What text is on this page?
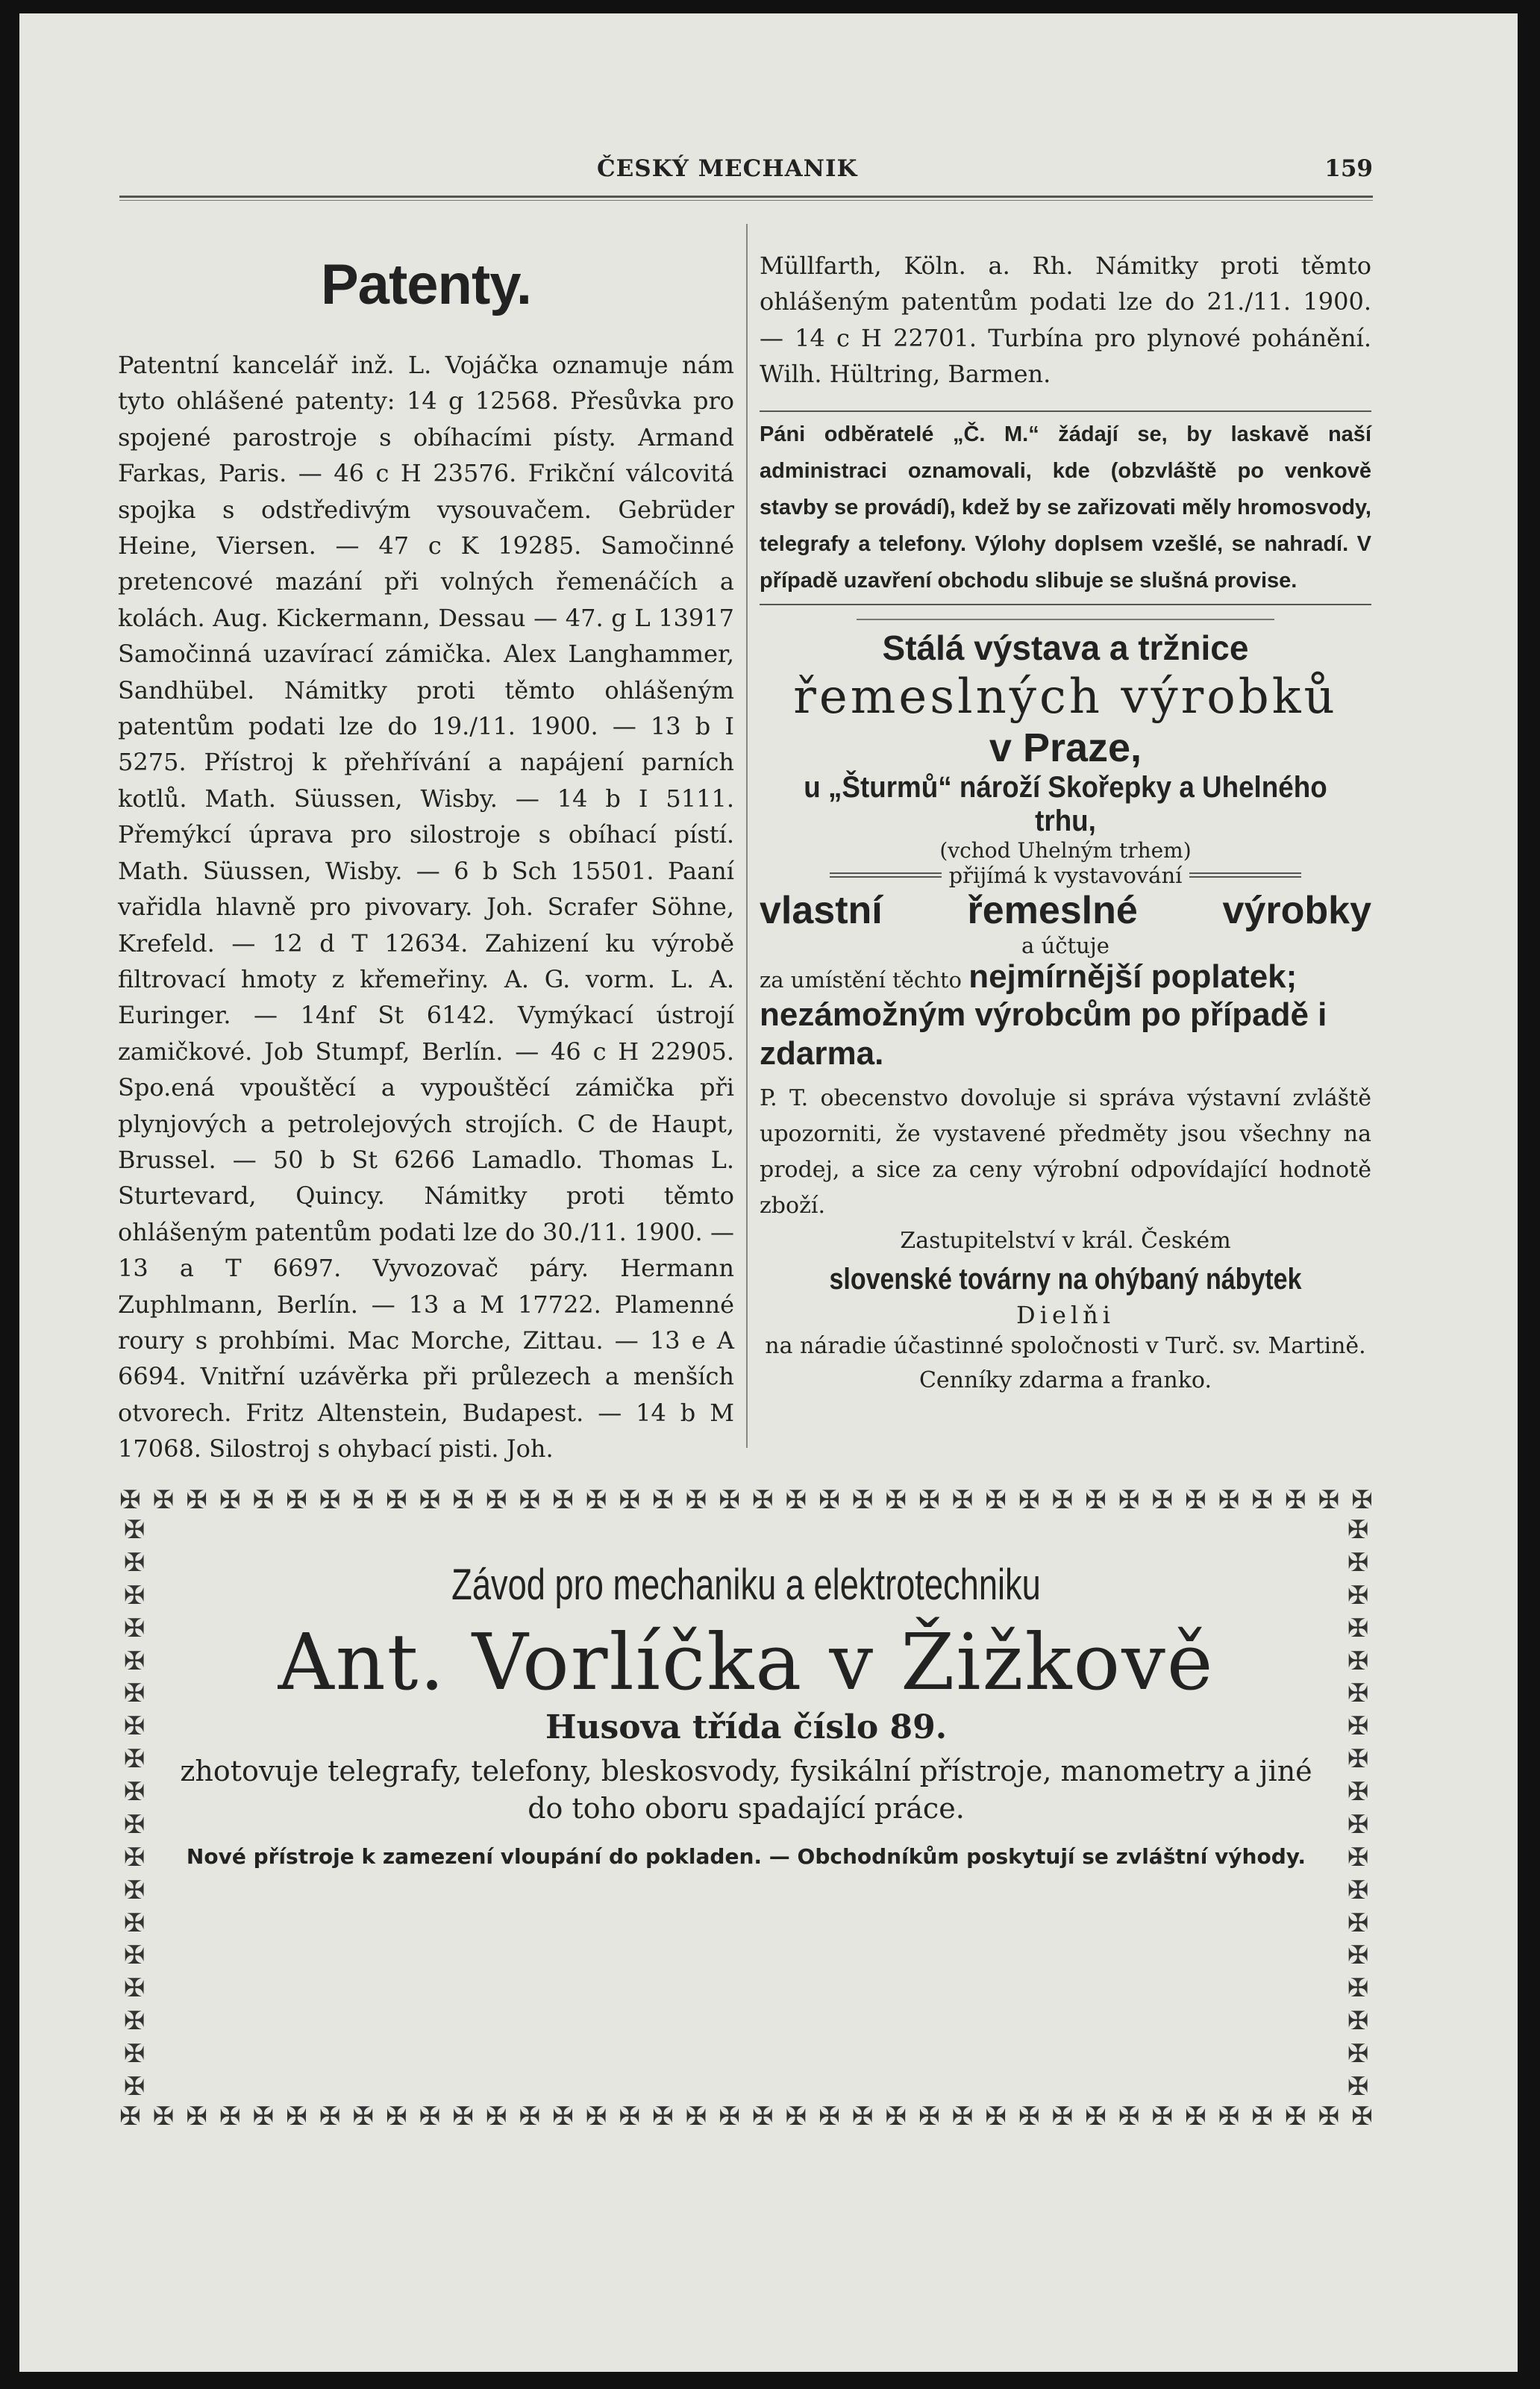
ČESKÝ MECHANIK	159
Patenty.

Patentní kancelář inž. L. Vojáčka oznamuje nám tyto ohlášené patenty: 14 g 12568. Přesůvka pro spojené parostroje s obíhacími písty. Armand Farkas, Paris. — 46 c H 23576. Frikční válcovitá spojka s odstředivým vysouvačem. Gebrüder Heine, Viersen. — 47 c K 19285. Samočinné pretencové mazání při volných řemenáčích a kolách. Aug. Kickermann, Dessau — 47. g L 13917 Samočinná uzavírací zámička. Alex Langhammer, Sandhübel. Námitky proti těmto ohlášeným patentům podati lze do 19./11. 1900. — 13 b I 5275. Přístroj k přehřívání a napájení parních kotlů. Math. Süussen, Wisby. — 14 b I 5111. Přemýkcí úprava pro silostroje s obíhací pístí. Math. Süussen, Wisby. — 6 b Sch 15501. Paaní vařidla hlavně pro pivovary. Joh. Scrafer Söhne, Krefeld. — 12 d T 12634. Zahizení ku výrobě filtrovací hmoty z křemeřiny. A. G. vorm. L. A. Euringer. — 14nf St 6142. Vymýkací ústrojí zamičkové. Job Stumpf, Berlín. — 46 c H 22905. Spo.ená vpouštěcí a vypouštěcí zámička při plynjových a petrolejových strojích. C de Haupt, Brussel. — 50 b St 6266 Lamadlo. Thomas L. Sturtevard, Quincy. Námitky proti těmto ohlášeným patentům podati lze do 30./11. 1900. — 13 a T 6697. Vyvozovač páry. Hermann Zuphlmann, Berlín. — 13 a M 17722. Plamenné roury s prohbími. Mac Morche, Zittau. — 13 e A 6694. Vnitřní uzávěrka při průlezech a menších otvorech. Fritz Altenstein, Budapest. — 14 b M 17068. Silostroj s ohybací pisti. Joh.

Müllfarth, Köln. a. Rh. Námitky proti těmto ohlášeným patentům podati lze do 21./11. 1900. — 14 c H 22701. Turbína pro plynové pohánění. Wilh. Hültring, Barmen.

Páni odběratelé „Č. M.“ žádají se, by laskavě naší administraci oznamovali, kde (obzvláště po venkově stavby se provádí), kdež by se zařizovati měly hromosvody, telegrafy a telefony. Výlohy doplsem vzešlé, se nahradí. V případě uzavření obchodu slibuje se slušná provise.
Stálá výstava a tržnice
řemeslných výrobků
v Praze,
u „Šturmů“ nároží Skořepky a Uhelného trhu,
(vchod Uhelným trhem)
přijímá k vystavování
vlastní řemeslné výrobky
a účtuje
za umístění těchto nejmírnější poplatek;
nezámožným výrobcům po případě i zdarma.
P. T. obecenstvo dovoluje si správa výstavní zvláště upozorniti, že vystavené předměty jsou všechny na prodej, a sice za ceny výrobní odpovídající hodnotě zboží.
Zastupitelství v král. Českém
slovenské továrny na ohýbaný nábytek
Dielňi
na náradie účastinné spoločnosti v Turč. sv. Martině.
Cenníky zdarma a franko.
✠ ✠ ✠ ✠ ✠ ✠ ✠ ✠ ✠ ✠ ✠ ✠ ✠ ✠ ✠ ✠ ✠ ✠ ✠ ✠ ✠ ✠ ✠ ✠ ✠ ✠ ✠ ✠ ✠ ✠ ✠ ✠ ✠ ✠ ✠ ✠ ✠ ✠
✠
✠
✠
✠
✠
✠
✠
✠
✠
✠
✠
✠
✠
✠
✠
✠
✠
✠
✠
✠
✠
✠
✠
✠
✠
✠
✠
✠
✠
✠
✠
✠
✠
✠
✠
✠
✠ ✠ ✠ ✠ ✠ ✠ ✠ ✠ ✠ ✠ ✠ ✠ ✠ ✠ ✠ ✠ ✠ ✠ ✠ ✠ ✠ ✠ ✠ ✠ ✠ ✠ ✠ ✠ ✠ ✠ ✠ ✠ ✠ ✠ ✠ ✠ ✠ ✠
Závod pro mechaniku a elektrotechniku
Ant. Vorlíčka v Žižkově
Husova třída číslo 89.
zhotovuje telegrafy, telefony, bleskosvody, fysikální přístroje, manometry a jiné do toho oboru spadající práce.
Nové přístroje k zamezení vloupání do pokladen. — Obchodníkům poskytují se zvláštní výhody.
